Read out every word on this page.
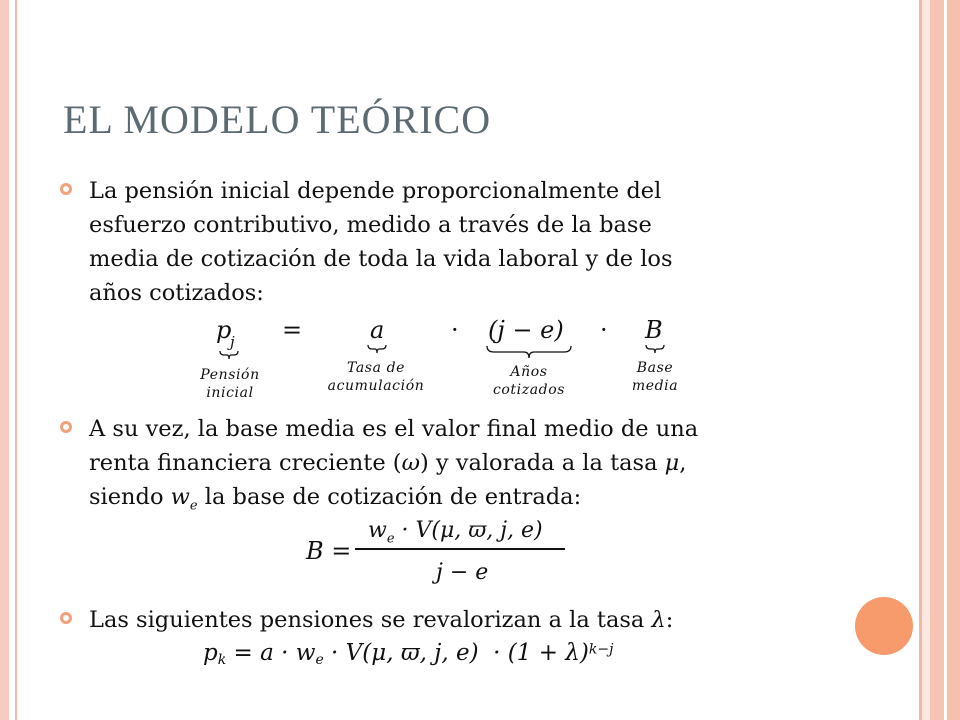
EL MODELO TEÓRICO
La pensión inicial depende proporcionalmente del
esfuerzo contributivo, medido a través de la base
media de cotización de toda la vida laboral y de los
años cotizados:
p
j =	a	· (j − e) · B
Pensión
inicial
Tasa de
acumulación
Años
cotizados
Base
media
A su vez, la base media es el valor final medio de una
renta financiera creciente (ω) y valorada a la tasa μ,
siendo $w_e$ la base de cotización de entrada:
B =
$w_e \cdot V(\mu$, ϖ, j, e)
j − e
Las siguientes pensiones se revalorizan a la tasa λ:
$p_k = a \cdot w_e \cdot V(\mu$, ϖ, j, $e) \cdot (1 + \lambda)^{k-j}$
